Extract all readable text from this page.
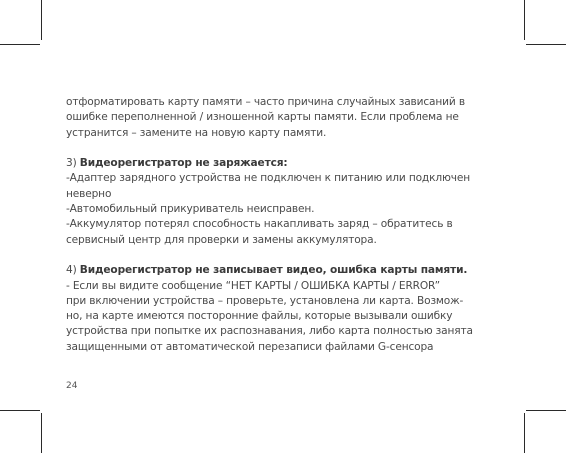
отформатировать карту памяти – часто причина случайных зависаний в
ошибке переполненной / изношенной карты памяти. Если проблема не
устранится – замените на новую карту памяти.
3) Видеорегистратор не заряжается:
-Адаптер зарядного устройства не подключен к питанию или подключен
неверно
-Автомобильный прикуриватель неисправен.
-Аккумулятор потерял способность накапливать заряд – обратитесь в
сервисный центр для проверки и замены аккумулятора.
4) Видеорегистратор не записывает видео, ошибка карты памяти.
- Если вы видите сообщение “НЕТ КАРТЫ / ОШИБКА КАРТЫ / ERROR”
при включении устройства – проверьте, установлена ли карта. Возмож-
но, на карте имеются посторонние файлы, которые вызывали ошибку
устройства при попытке их распознавания, либо карта полностью занята
защищенными от автоматической перезаписи файлами G-сенсора
24
